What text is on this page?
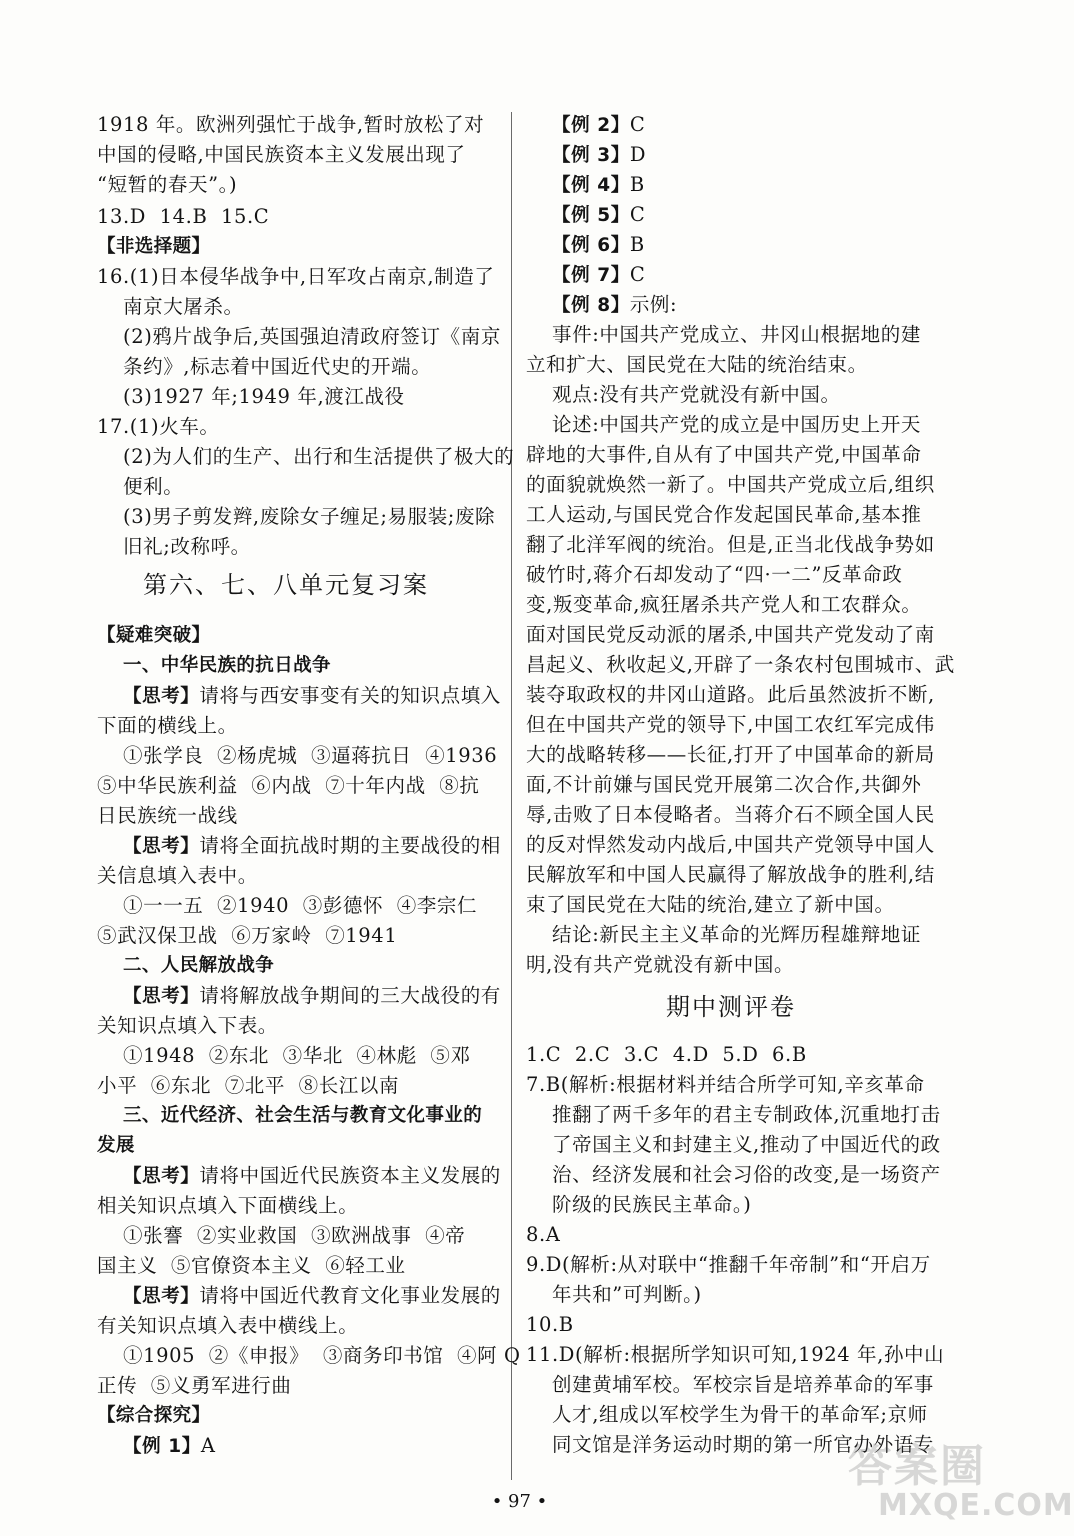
1918 年。欧洲列强忙于战争,暂时放松了对
中国的侵略,中国民族资本主义发展出现了
“短暂的春天”。)
13.D  14.B  15.C
【非选择题】
16.(1)日本侵华战争中,日军攻占南京,制造了
南京大屠杀。
(2)鸦片战争后,英国强迫清政府签订《南京
条约》,标志着中国近代史的开端。
(3)1927 年;1949 年,渡江战役
17.(1)火车。
(2)为人们的生产、出行和生活提供了极大的
便利。
(3)男子剪发辫,废除女子缠足;易服装;废除
旧礼;改称呼。
第六、七、八单元复习案
【疑难突破】
一、中华民族的抗日战争
【思考】请将与西安事变有关的知识点填入
下面的横线上。
①张学良  ②杨虎城  ③逼蒋抗日  ④1936
⑤中华民族利益  ⑥内战  ⑦十年内战  ⑧抗
日民族统一战线
【思考】请将全面抗战时期的主要战役的相
关信息填入表中。
①一一五  ②1940  ③彭德怀  ④李宗仁
⑤武汉保卫战  ⑥万家岭  ⑦1941
二、人民解放战争
【思考】请将解放战争期间的三大战役的有
关知识点填入下表。
①1948  ②东北  ③华北  ④林彪  ⑤邓
小平  ⑥东北  ⑦北平  ⑧长江以南
三、近代经济、社会生活与教育文化事业的
发展
【思考】请将中国近代民族资本主义发展的
相关知识点填入下面横线上。
①张謇  ②实业救国  ③欧洲战事  ④帝
国主义  ⑤官僚资本主义  ⑥轻工业
【思考】请将中国近代教育文化事业发展的
有关知识点填入表中横线上。
①1905  ②《申报》  ③商务印书馆  ④阿 Q
正传  ⑤义勇军进行曲
【综合探究】
【例 1】A
【例 2】C
【例 3】D
【例 4】B
【例 5】C
【例 6】B
【例 7】C
【例 8】示例:
事件:中国共产党成立、井冈山根据地的建
立和扩大、国民党在大陆的统治结束。
观点:没有共产党就没有新中国。
论述:中国共产党的成立是中国历史上开天
辟地的大事件,自从有了中国共产党,中国革命
的面貌就焕然一新了。中国共产党成立后,组织
工人运动,与国民党合作发起国民革命,基本推
翻了北洋军阀的统治。但是,正当北伐战争势如
破竹时,蒋介石却发动了“四·一二”反革命政
变,叛变革命,疯狂屠杀共产党人和工农群众。
面对国民党反动派的屠杀,中国共产党发动了南
昌起义、秋收起义,开辟了一条农村包围城市、武
装夺取政权的井冈山道路。此后虽然波折不断,
但在中国共产党的领导下,中国工农红军完成伟
大的战略转移——长征,打开了中国革命的新局
面,不计前嫌与国民党开展第二次合作,共御外
辱,击败了日本侵略者。当蒋介石不顾全国人民
的反对悍然发动内战后,中国共产党领导中国人
民解放军和中国人民赢得了解放战争的胜利,结
束了国民党在大陆的统治,建立了新中国。
结论:新民主主义革命的光辉历程雄辩地证
明,没有共产党就没有新中国。
期中测评卷
1.C  2.C  3.C  4.D  5.D  6.B
7.B(解析:根据材料并结合所学可知,辛亥革命
推翻了两千多年的君主专制政体,沉重地打击
了帝国主义和封建主义,推动了中国近代的政
治、经济发展和社会习俗的改变,是一场资产
阶级的民族民主革命。)
8.A
9.D(解析:从对联中“推翻千年帝制”和“开启万
年共和”可判断。)
10.B
11.D(解析:根据所学知识可知,1924 年,孙中山
创建黄埔军校。军校宗旨是培养革命的军事
人才,组成以军校学生为骨干的革命军;京师
同文馆是洋务运动时期的第一所官办外语专
• 97 •
答案圈
MXQE.COM
